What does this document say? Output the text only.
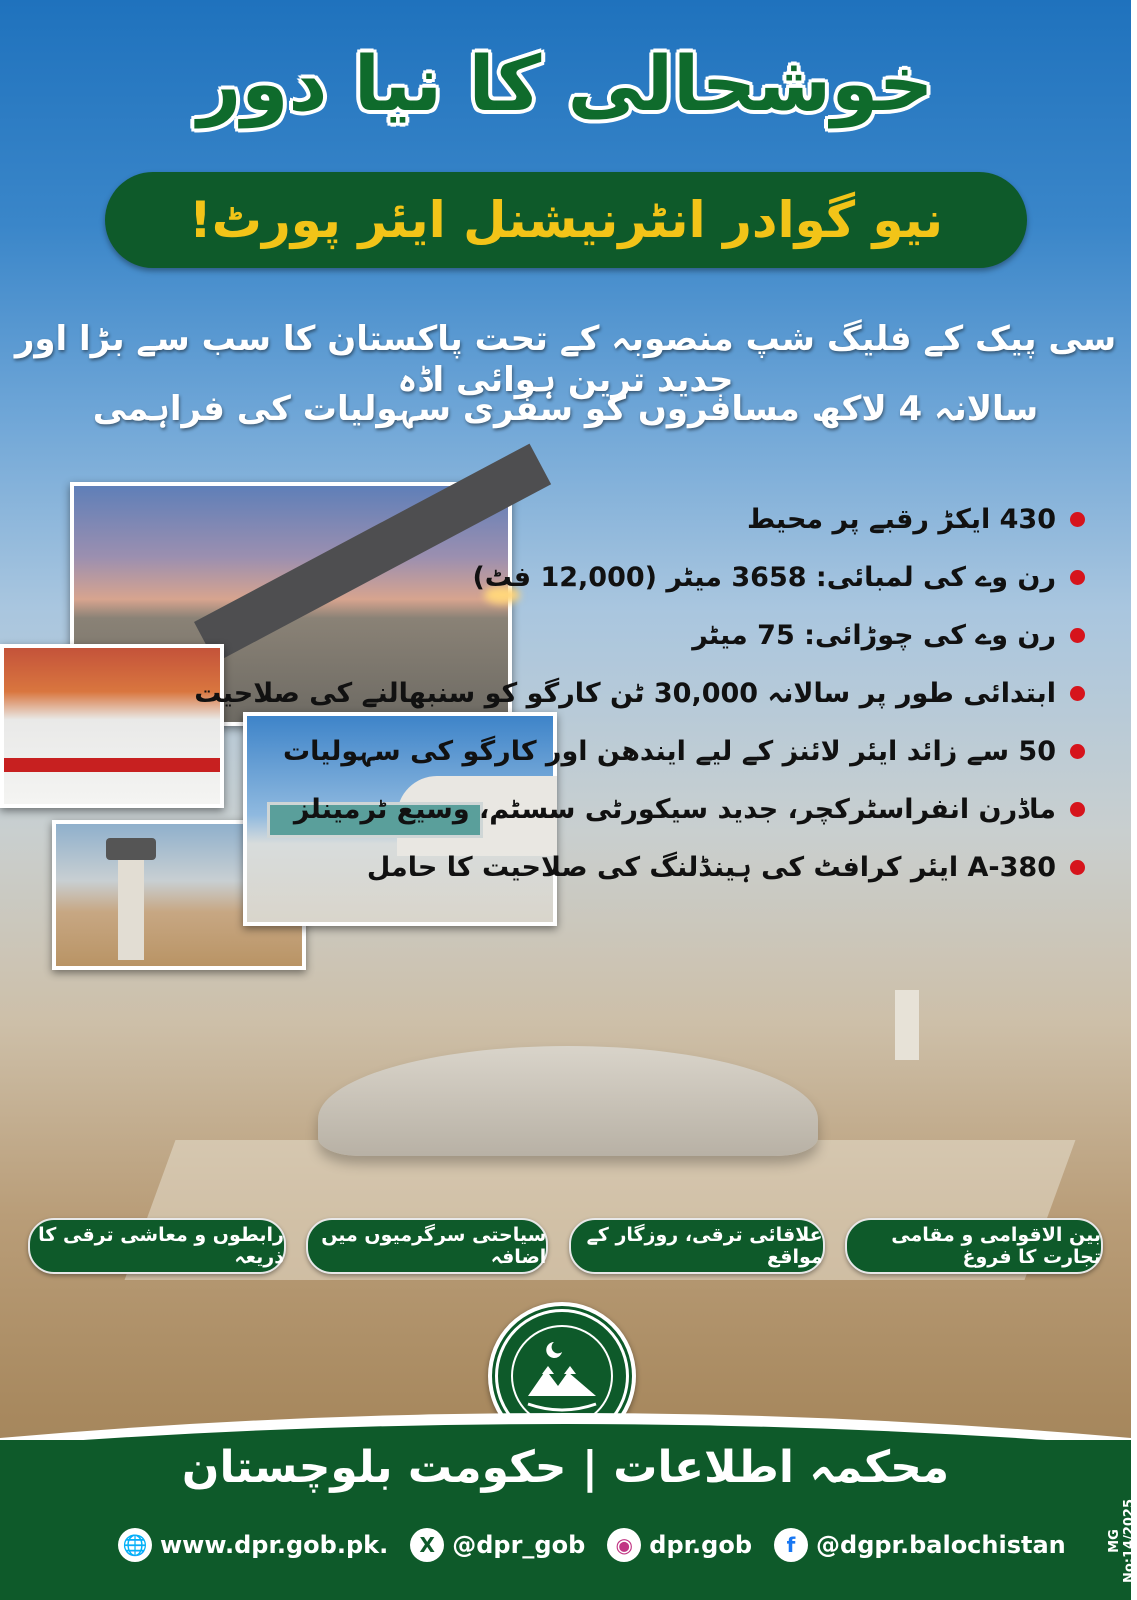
خوشحالی کا نیا دور
نیو گوادر انٹرنیشنل ایئر پورٹ!
سی پیک کے فلیگ شپ منصوبہ کے تحت پاکستان کا سب سے بڑا اور جدید ترین ہوائی اڈہ
سالانہ 4 لاکھ مسافروں کو سفری سہولیات کی فراہمی
430 ایکڑ رقبے پر محیط
رن وے کی لمبائی: 3658 میٹر (12,000 فٹ)
رن وے کی چوڑائی: 75 میٹر
ابتدائی طور پر سالانہ 30,000 ٹن کارگو کو سنبھالنے کی صلاحیت
50 سے زائد ایئر لائنز کے لیے ایندھن اور کارگو کی سہولیات
ماڈرن انفراسٹرکچر، جدید سیکورٹی سسٹم، وسیع ٹرمینلز
A-380 ایئر کرافٹ کی ہینڈلنگ کی صلاحیت کا حامل
بین الاقوامی و مقامی تجارت کا فروغ
علاقائی ترقی، روزگار کے مواقع
سیاحتی سرگرمیوں میں اضافہ
رابطوں و معاشی ترقی کا ذریعہ
محکمہ اطلاعات | حکومت بلوچستان
🌐 www.dpr.gob.pk.	X @dpr_gob	◉ dpr.gob	f @dgpr.balochistan	MG No:14/2025
